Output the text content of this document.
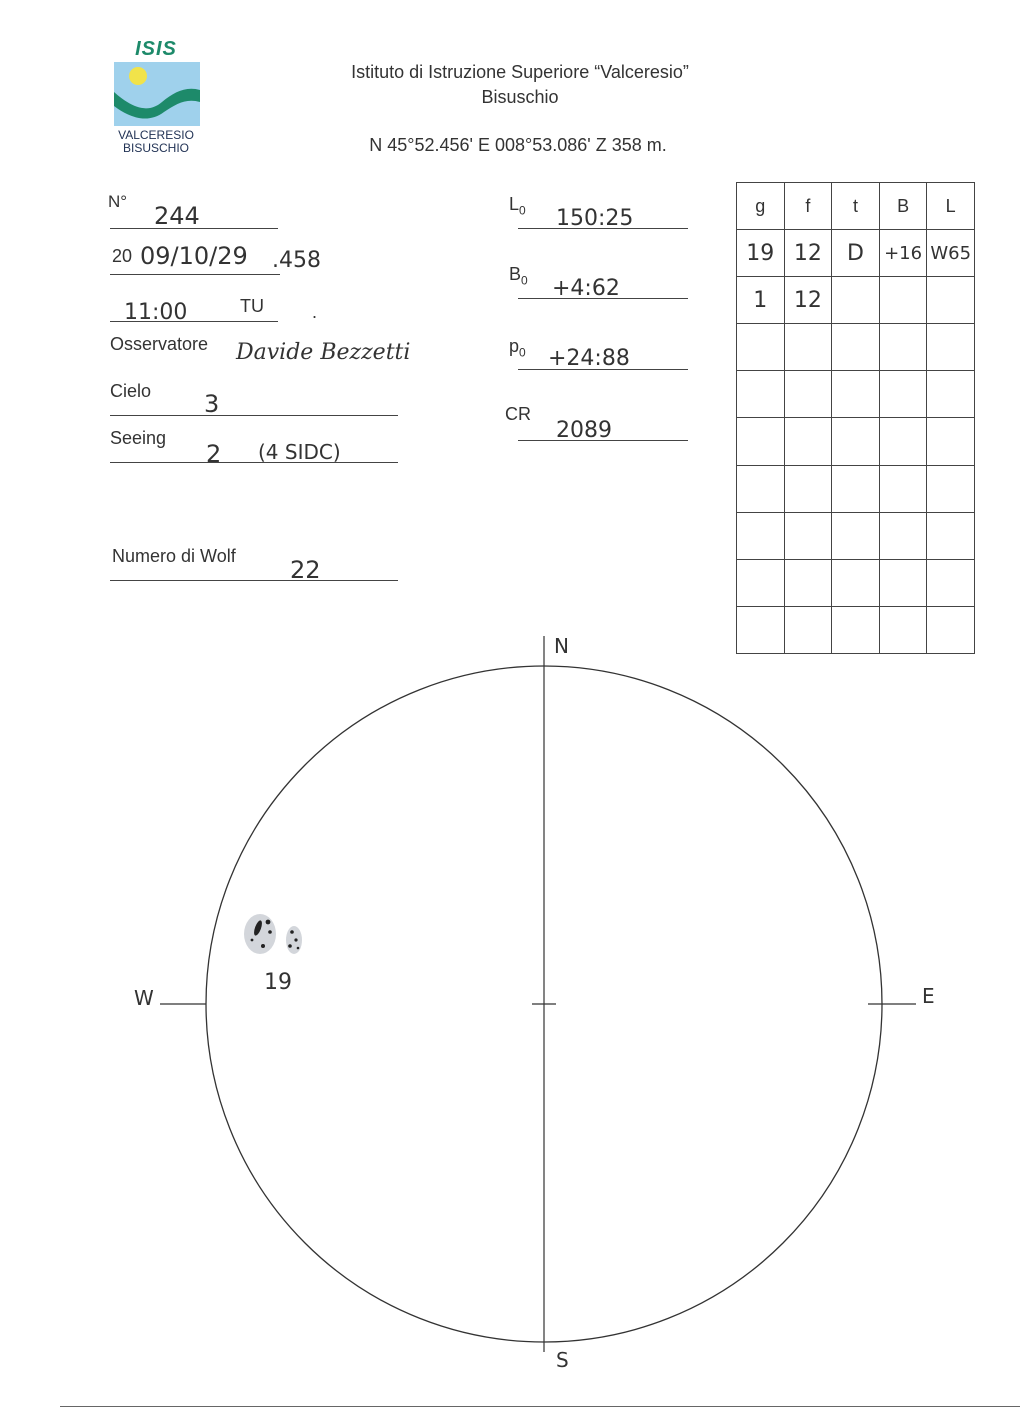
ISIS
VALCERESIO
BISUSCHIO
Istituto di Istruzione Superiore “Valceresio”
Bisuschio
N 45°52.456' E 008°53.086' Z 358 m.
N°
244
20 09/10/29 .458
11:00	TU	.
Osservatore Davide Bezzetti
Cielo 3
Seeing
2 (4 SIDC)
Numero di Wolf 22
$L_0$ 150:25
$B_0$ +4:62
$p_0$ +24:88
CR
2089
g	f	t	B	L
19	12	D	+16	W65
1	12			

N
S
E
W
19
